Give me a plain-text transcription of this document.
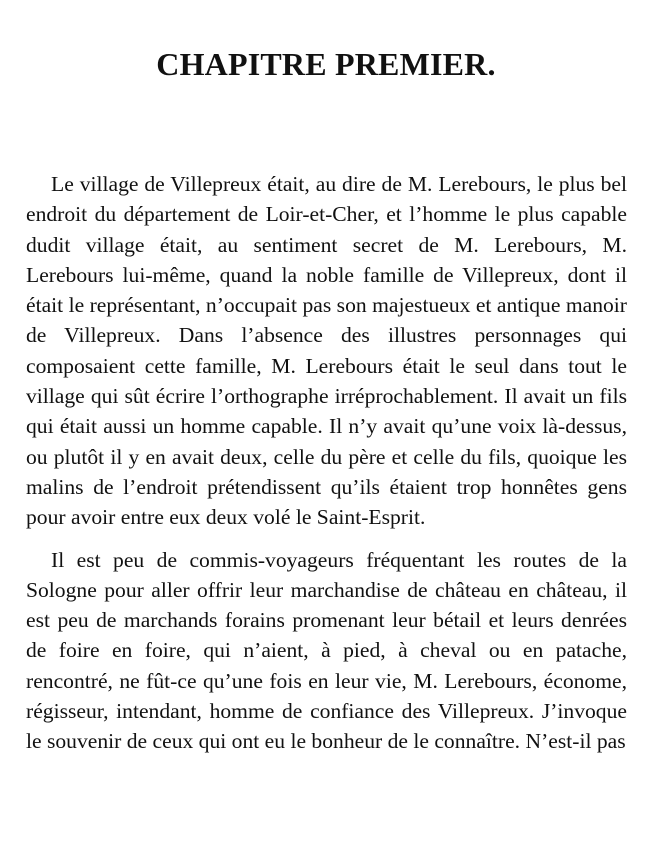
CHAPITRE PREMIER.

Le village de Villepreux était, au dire de M. Lerebours, le plus bel endroit du département de Loir-et-Cher, et l’homme le plus capable dudit village était, au sentiment secret de M. Lerebours, M. Lerebours lui-même, quand la noble famille de Villepreux, dont il était le représentant, n’occupait pas son majestueux et antique manoir de Villepreux. Dans l’absence des illustres personnages qui composaient cette famille, M. Lerebours était le seul dans tout le village qui sût écrire l’orthographe irréprochablement. Il avait un fils qui était aussi un homme capable. Il n’y avait qu’une voix là-dessus, ou plutôt il y en avait deux, celle du père et celle du fils, quoique les malins de l’endroit prétendissent qu’ils étaient trop honnêtes gens pour avoir entre eux deux volé le Saint-Esprit.

Il est peu de commis-voyageurs fréquentant les routes de la Sologne pour aller offrir leur marchandise de château en château, il est peu de marchands forains promenant leur bétail et leurs denrées de foire en foire, qui n’aient, à pied, à cheval ou en patache, rencontré, ne fût-ce qu’une fois en leur vie, M. Lerebours, économe, régisseur, intendant, homme de confiance des Villepreux. J’invoque le souvenir de ceux qui ont eu le bonheur de le connaître. N’est-il pas
